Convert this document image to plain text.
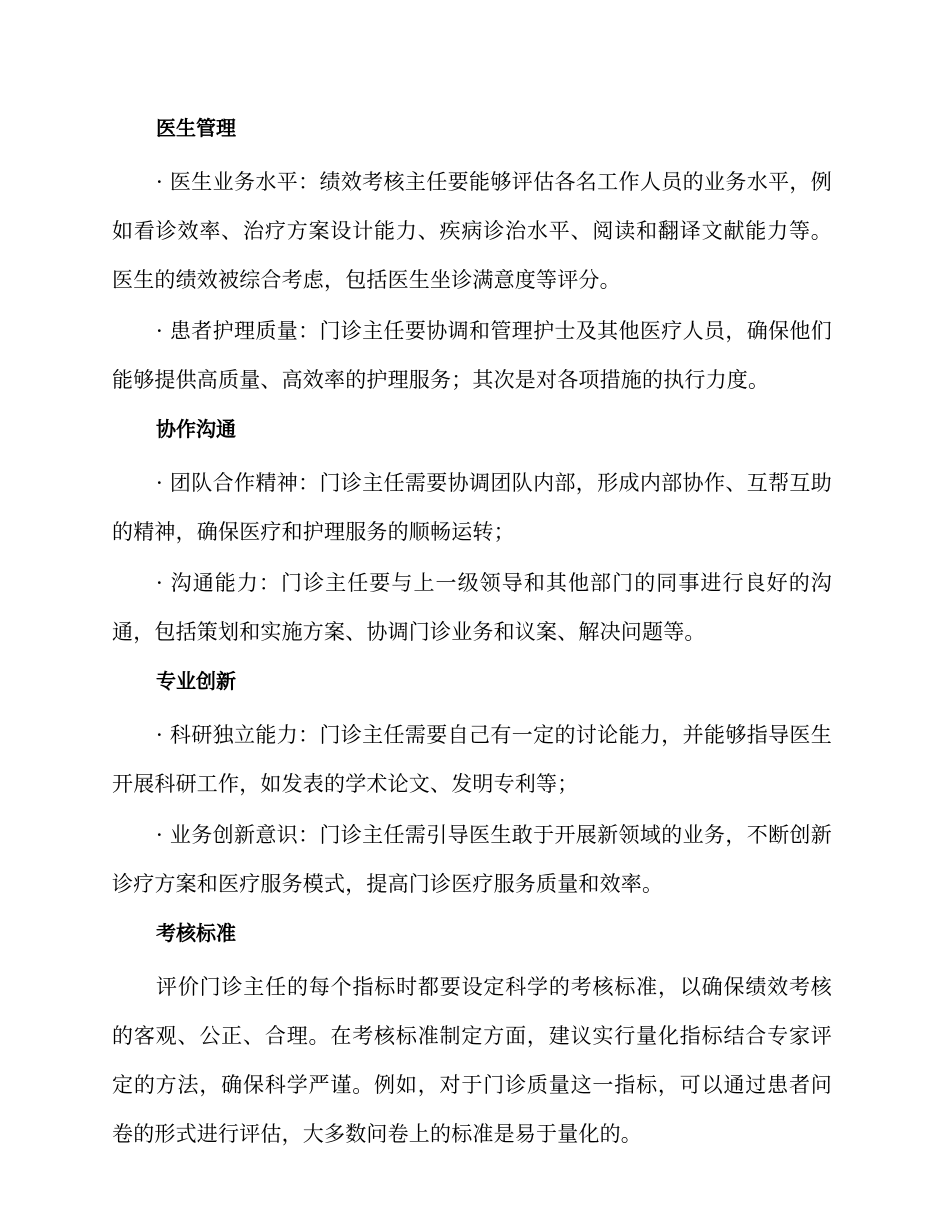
医生管理

· 医生业务水平：绩效考核主任要能够评估各名工作人员的业务水平，例如看诊效率、治疗方案设计能力、疾病诊治水平、阅读和翻译文献能力等。医生的绩效被综合考虑，包括医生坐诊满意度等评分。

· 患者护理质量：门诊主任要协调和管理护士及其他医疗人员，确保他们能够提供高质量、高效率的护理服务；其次是对各项措施的执行力度。

协作沟通

· 团队合作精神：门诊主任需要协调团队内部，形成内部协作、互帮互助的精神，确保医疗和护理服务的顺畅运转；

· 沟通能力：门诊主任要与上一级领导和其他部门的同事进行良好的沟通，包括策划和实施方案、协调门诊业务和议案、解决问题等。

专业创新

· 科研独立能力：门诊主任需要自己有一定的讨论能力，并能够指导医生开展科研工作，如发表的学术论文、发明专利等；

· 业务创新意识：门诊主任需引导医生敢于开展新领域的业务，不断创新诊疗方案和医疗服务模式，提高门诊医疗服务质量和效率。

考核标准

评价门诊主任的每个指标时都要设定科学的考核标准，以确保绩效考核的客观、公正、合理。在考核标准制定方面，建议实行量化指标结合专家评定的方法，确保科学严谨。例如，对于门诊质量这一指标，可以通过患者问卷的形式进行评估，大多数问卷上的标准是易于量化的。
